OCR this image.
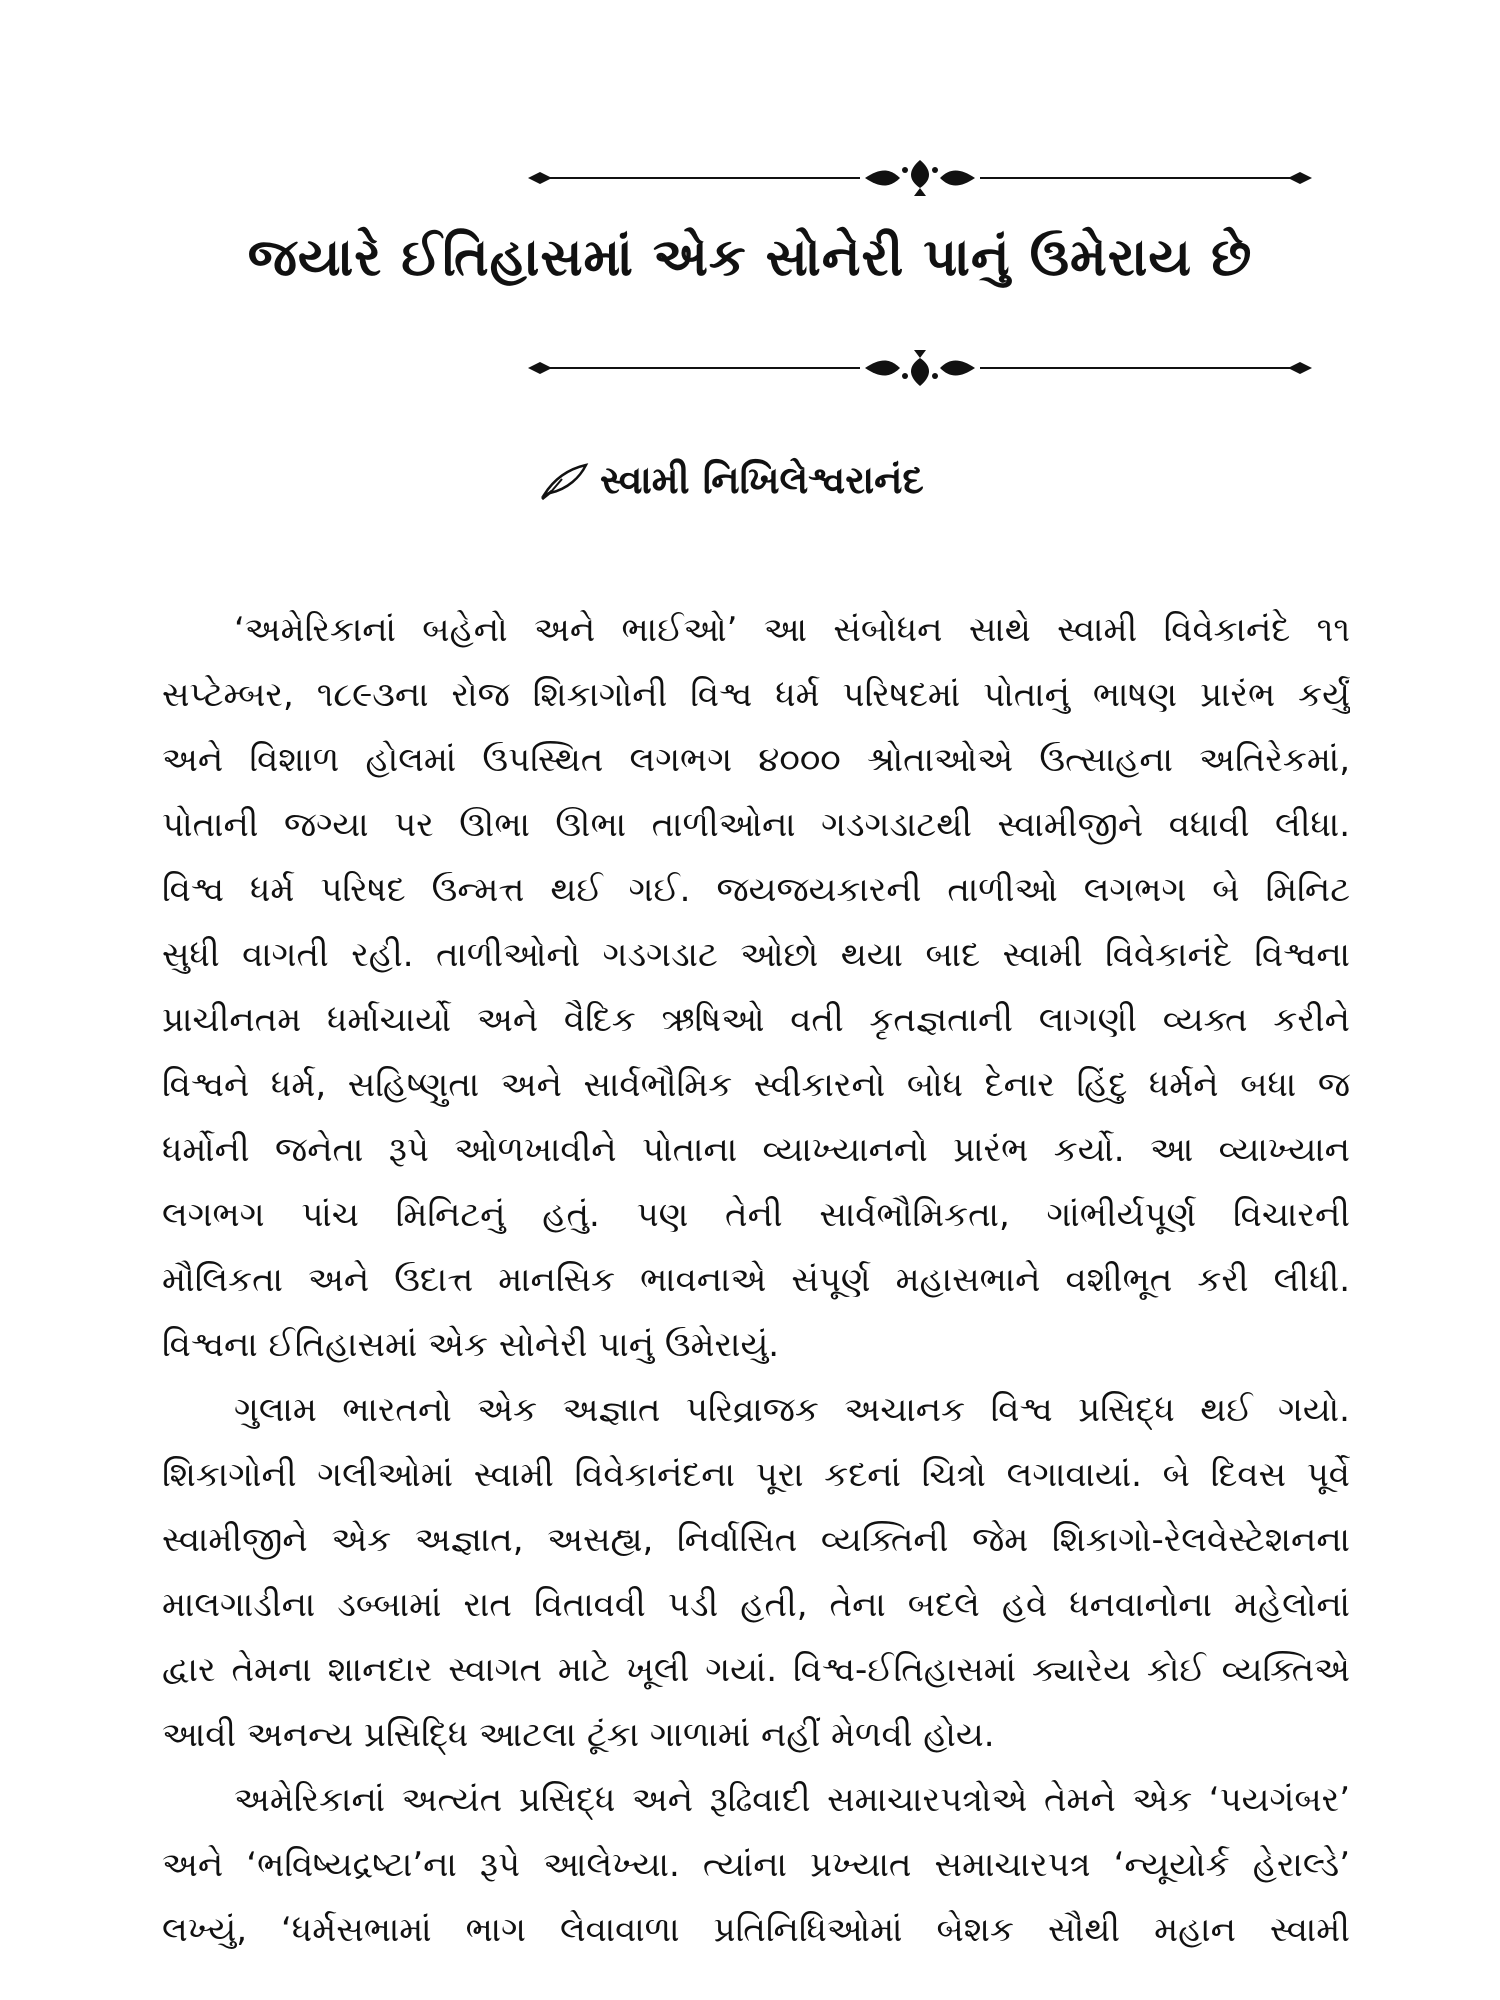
જયારે ઈતિહાસમાં એક સોનેરી પાનું ઉમેરાય છે
સ્વામી નિખિલેશ્વરાનંદ
‘અમેરિકાનાં બહેનો અને ભાઈઓ’ આ સંબોધન સાથે સ્વામી વિવેકાનંદે ૧૧
સપ્ટેમ્બર, ૧૮૯૩ના રોજ શિકાગોની વિશ્વ ધર્મ પરિષદમાં પોતાનું ભાષણ પ્રારંભ કર્યું
અને વિશાળ હોલમાં ઉપસ્થિત લગભગ ૪૦૦૦ શ્રોતાઓએ ઉત્સાહના અતિરેકમાં,
પોતાની જગ્યા પર ઊભા ઊભા તાળીઓના ગડગડાટથી સ્વામીજીને વધાવી લીધા.
વિશ્વ ધર્મ પરિષદ ઉન્મત્ત થઈ ગઈ. જયજયકારની તાળીઓ લગભગ બે મિનિટ
સુધી વાગતી રહી. તાળીઓનો ગડગડાટ ઓછો થયા બાદ સ્વામી વિવેકાનંદે વિશ્વના
પ્રાચીનતમ ધર્માચાર્યો અને વૈદિક ઋષિઓ વતી કૃતજ્ઞતાની લાગણી વ્યક્ત કરીને
વિશ્વને ધર્મ, સહિષ્ણુતા અને સાર્વભૌમિક સ્વીકારનો બોધ દેનાર હિંદુ ધર્મને બધા જ
ધર્મોની જનેતા રૂપે ઓળખાવીને પોતાના વ્યાખ્યાનનો પ્રારંભ કર્યો. આ વ્યાખ્યાન
લગભગ પાંચ મિનિટનું હતું. પણ તેની સાર્વભૌમિકતા, ગાંભીર્યપૂર્ણ વિચારની
મૌલિકતા અને ઉદાત્ત માનસિક ભાવનાએ સંપૂર્ણ મહાસભાને વશીભૂત કરી લીધી.
વિશ્વના ઈતિહાસમાં એક સોનેરી પાનું ઉમેરાયું.
ગુલામ ભારતનો એક અજ્ઞાત પરિવ્રાજક અચાનક વિશ્વ પ્રસિદ્ધ થઈ ગયો.
શિકાગોની ગલીઓમાં સ્વામી વિવેકાનંદના પૂરા કદનાં ચિત્રો લગાવાયાં. બે દિવસ પૂર્વે
સ્વામીજીને એક અજ્ઞાત, અસહ્ય, નિર્વાસિત વ્યક્તિની જેમ શિકાગો-રેલવેસ્ટેશનના
માલગાડીના ડબ્બામાં રાત વિતાવવી પડી હતી, તેના બદલે હવે ધનવાનોના મહેલોનાં
દ્વાર તેમના શાનદાર સ્વાગત માટે ખૂલી ગયાં. વિશ્વ-ઈતિહાસમાં ક્યારેય કોઈ વ્યક્તિએ
આવી અનન્ય પ્રસિદ્ધિ આટલા ટૂંકા ગાળામાં નહીં મેળવી હોય.
અમેરિકાનાં અત્યંત પ્રસિદ્ધ અને રૂઢિવાદી સમાચારપત્રોએ તેમને એક ‘પયગંબર’
અને ‘ભવિષ્યદ્રષ્ટા’ના રૂપે આલેખ્યા. ત્યાંના પ્રખ્યાત સમાચારપત્ર ‘ન્યૂયોર્ક હેરાલ્ડે’
લખ્યું, ‘ધર્મસભામાં ભાગ લેવાવાળા પ્રતિનિધિઓમાં બેશક સૌથી મહાન સ્વામી
